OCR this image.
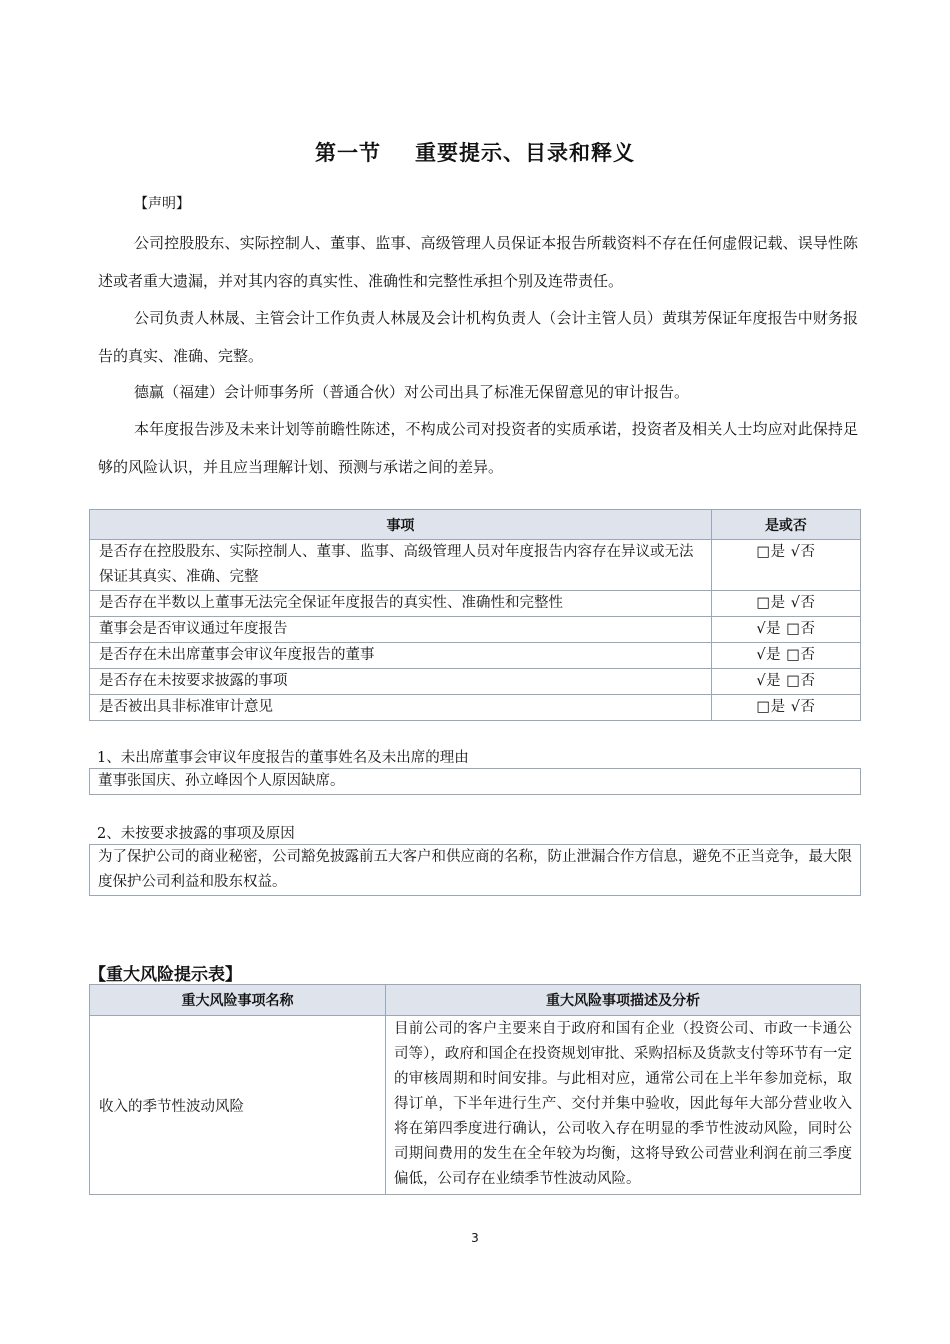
第一节 重要提示、目录和释义
【声明】
公司控股股东、实际控制人、董事、监事、高级管理人员保证本报告所载资料不存在任何虚假记载、误导性陈述或者重大遗漏，并对其内容的真实性、准确性和完整性承担个别及连带责任。
公司负责人林晟、主管会计工作负责人林晟及会计机构负责人（会计主管人员）黄琪芳保证年度报告中财务报告的真实、准确、完整。
德赢（福建）会计师事务所（普通合伙）对公司出具了标准无保留意见的审计报告。
本年度报告涉及未来计划等前瞻性陈述，不构成公司对投资者的实质承诺，投资者及相关人士均应对此保持足够的风险认识，并且应当理解计划、预测与承诺之间的差异。
事项	是或否
是否存在控股股东、实际控制人、董事、监事、高级管理人员对年度报告内容存在异议或无法保证其真实、准确、完整	□是 √否
是否存在半数以上董事无法完全保证年度报告的真实性、准确性和完整性	□是 √否
董事会是否审议通过年度报告	√是 □否
是否存在未出席董事会审议年度报告的董事	√是 □否
是否存在未按要求披露的事项	√是 □否
是否被出具非标准审计意见	□是 √否
1、未出席董事会审议年度报告的董事姓名及未出席的理由
董事张国庆、孙立峰因个人原因缺席。
2、未按要求披露的事项及原因
为了保护公司的商业秘密，公司豁免披露前五大客户和供应商的名称，防止泄漏合作方信息，避免不正当竞争，最大限度保护公司利益和股东权益。
【重大风险提示表】
重大风险事项名称	重大风险事项描述及分析
收入的季节性波动风险	目前公司的客户主要来自于政府和国有企业（投资公司、市政一卡通公司等），政府和国企在投资规划审批、采购招标及货款支付等环节有一定的审核周期和时间安排。与此相对应，通常公司在上半年参加竞标，取得订单，下半年进行生产、交付并集中验收，因此每年大部分营业收入将在第四季度进行确认，公司收入存在明显的季节性波动风险，同时公司期间费用的发生在全年较为均衡，这将导致公司营业利润在前三季度偏低，公司存在业绩季节性波动风险。
3
